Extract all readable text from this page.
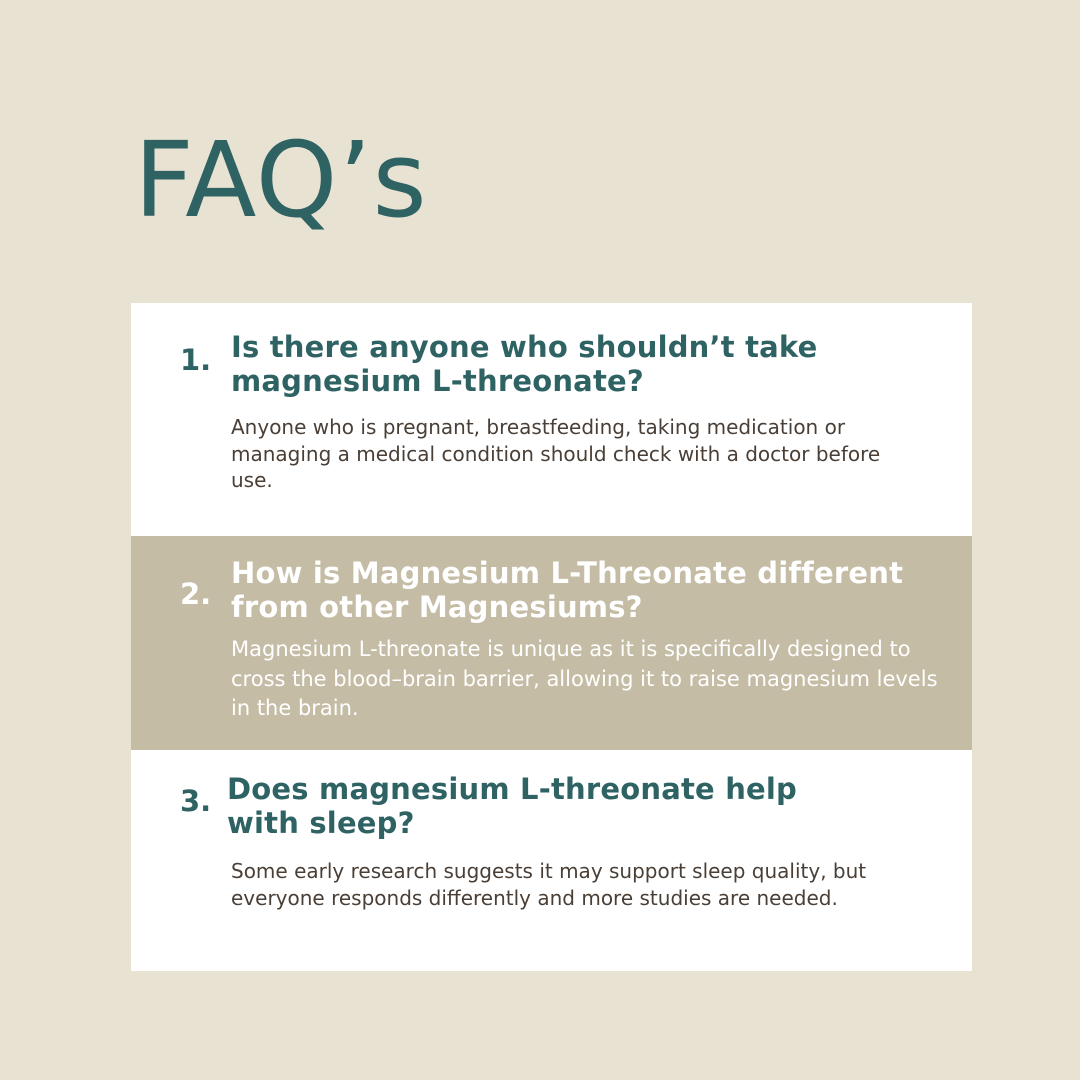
FAQ’s
1. Is there anyone who shouldn’t take magnesium L-threonate?

Anyone who is pregnant, breastfeeding, taking medication or managing a medical condition should check with a doctor before use.

2.
How is Magnesium L-Threonate different from other Magnesiums?

Magnesium L-threonate is unique as it is specifically designed to cross the blood–brain barrier, allowing it to raise magnesium levels in the brain.

3. Does magnesium L-threonate help with sleep?

Some early research suggests it may support sleep quality, but everyone responds differently and more studies are needed.
